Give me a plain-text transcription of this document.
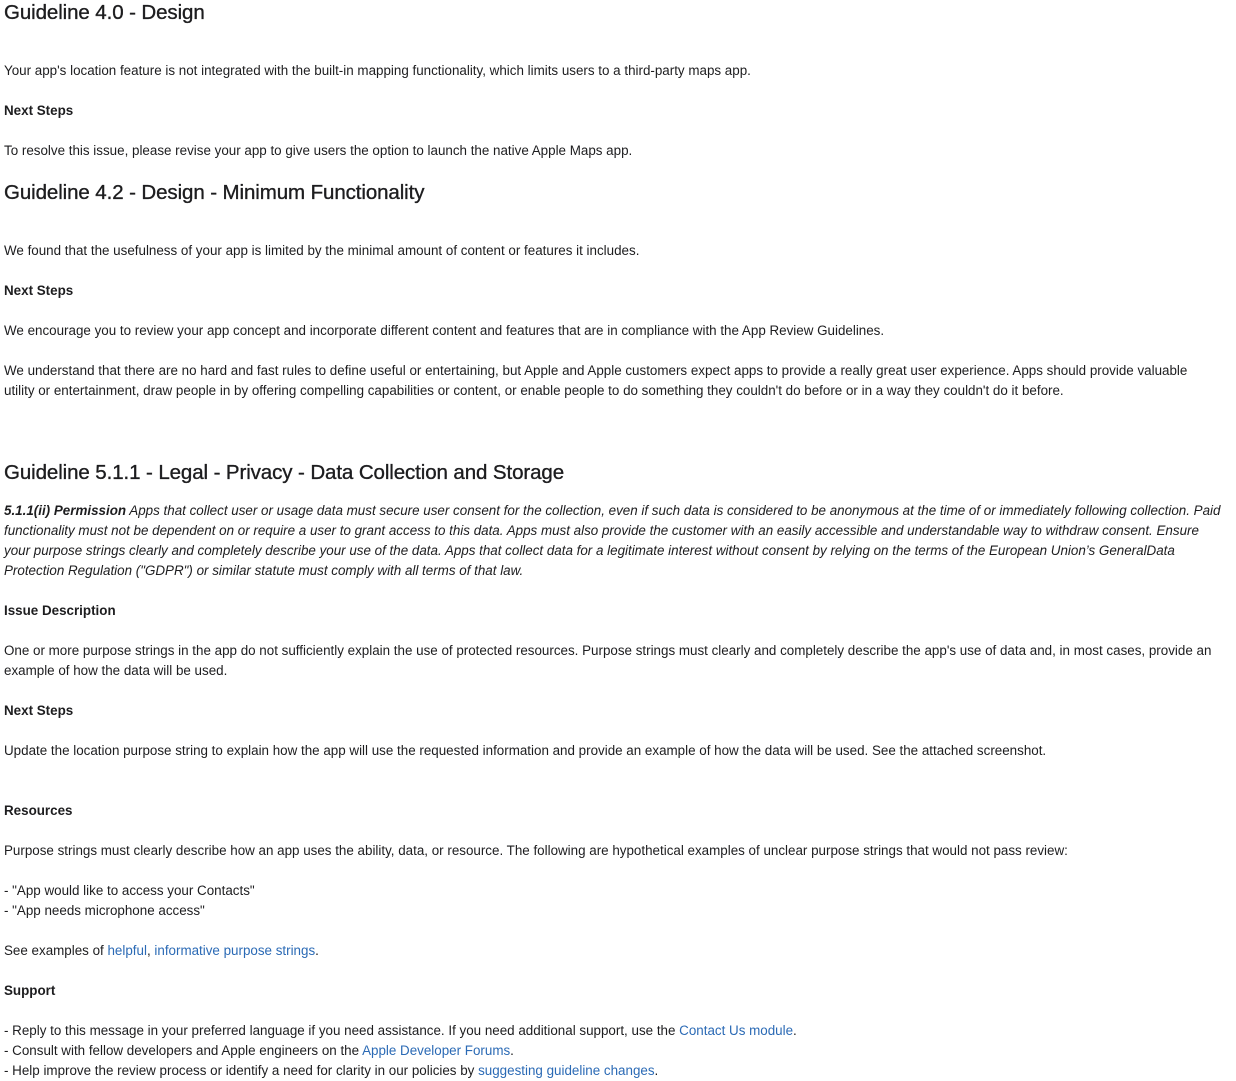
Guideline 4.0 - Design
Your app's location feature is not integrated with the built-in mapping functionality, which limits users to a third-party maps app.
Next Steps
To resolve this issue, please revise your app to give users the option to launch the native Apple Maps app.
Guideline 4.2 - Design - Minimum Functionality
We found that the usefulness of your app is limited by the minimal amount of content or features it includes.
Next Steps
We encourage you to review your app concept and incorporate different content and features that are in compliance with the App Review Guidelines.
We understand that there are no hard and fast rules to define useful or entertaining, but Apple and Apple customers expect apps to provide a really great user experience. Apps should provide valuable
utility or entertainment, draw people in by offering compelling capabilities or content, or enable people to do something they couldn't do before or in a way they couldn't do it before.
Guideline 5.1.1 - Legal - Privacy - Data Collection and Storage
5.1.1(ii) Permission Apps that collect user or usage data must secure user consent for the collection, even if such data is considered to be anonymous at the time of or immediately following collection. Paid
functionality must not be dependent on or require a user to grant access to this data. Apps must also provide the customer with an easily accessible and understandable way to withdraw consent. Ensure
your purpose strings clearly and completely describe your use of the data. Apps that collect data for a legitimate interest without consent by relying on the terms of the European Union’s GeneralData
Protection Regulation ("GDPR") or similar statute must comply with all terms of that law.
Issue Description
One or more purpose strings in the app do not sufficiently explain the use of protected resources. Purpose strings must clearly and completely describe the app's use of data and, in most cases, provide an
example of how the data will be used.
Next Steps
Update the location purpose string to explain how the app will use the requested information and provide an example of how the data will be used. See the attached screenshot.
Resources
Purpose strings must clearly describe how an app uses the ability, data, or resource. The following are hypothetical examples of unclear purpose strings that would not pass review:
- "App would like to access your Contacts"
- "App needs microphone access"
See examples of helpful, informative purpose strings.
Support
- Reply to this message in your preferred language if you need assistance. If you need additional support, use the Contact Us module.
- Consult with fellow developers and Apple engineers on the Apple Developer Forums.
- Help improve the review process or identify a need for clarity in our policies by suggesting guideline changes.
